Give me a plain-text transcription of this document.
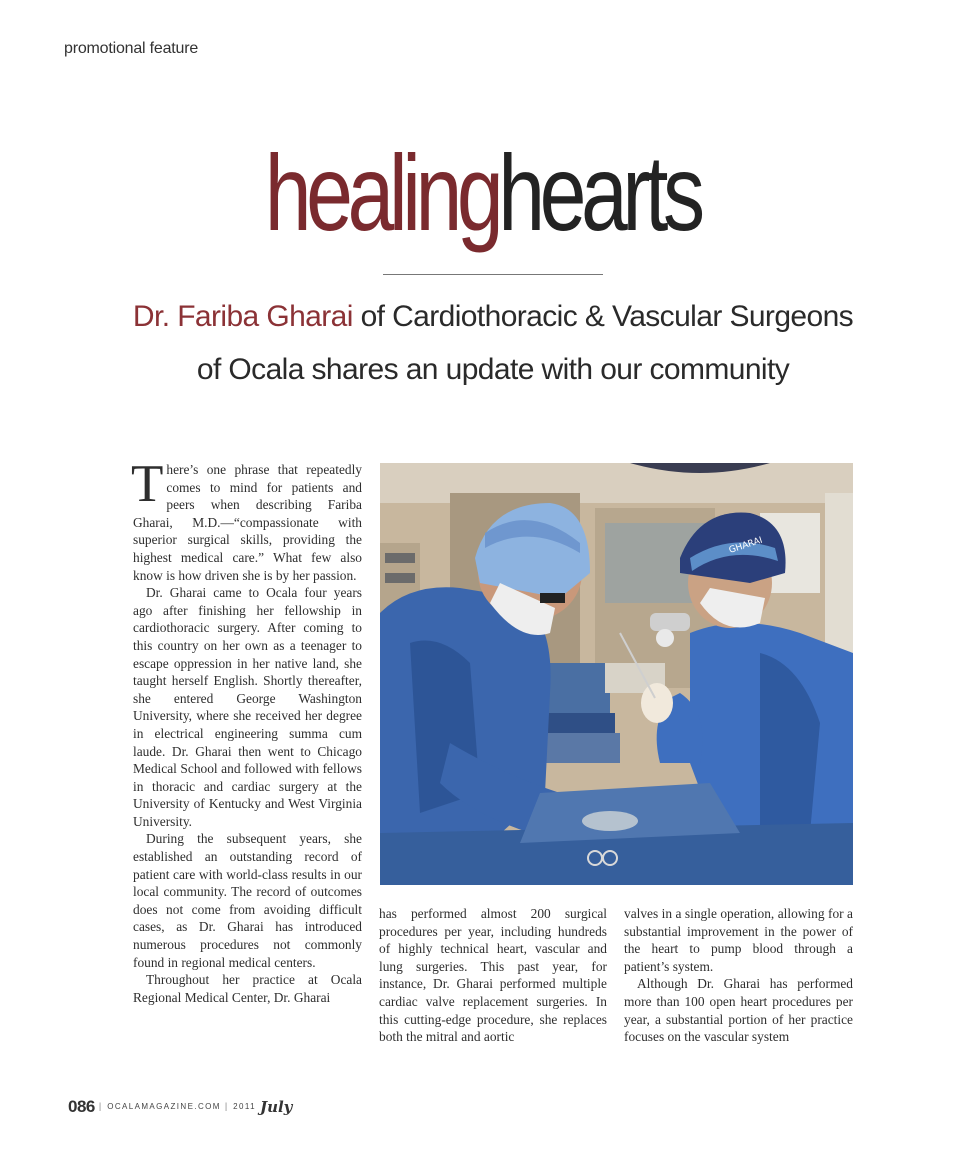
promotional feature
healinghearts
Dr. Fariba Gharai of Cardiothoracic & Vascular Surgeons
of Ocala shares an update with our community

There’s one phrase that repeatedly comes to mind for patients and peers when describing Fariba Gharai, M.D.—“compassionate with superior surgical skills, providing the highest medical care.” What few also know is how driven she is by her passion.

Dr. Gharai came to Ocala four years ago after finishing her fellowship in cardiothoracic surgery. After coming to this country on her own as a teenager to escape oppression in her native land, she taught herself English. Shortly thereafter, she entered George Washington University, where she received her degree in electrical engineering summa cum laude. Dr. Gharai then went to Chicago Medical School and followed with fellows in thoracic and cardiac surgery at the University of Kentucky and West Virginia University.

During the subsequent years, she established an outstanding record of patient care with world-class results in our local community. The record of outcomes does not come from avoiding difficult cases, as Dr. Gharai has introduced numerous procedures not commonly found in regional medical centers.

Throughout her practice at Ocala Regional Medical Center, Dr. Gharai

GHARAI

has performed almost 200 surgical procedures per year, including hundreds of highly technical heart, vascular and lung surgeries. This past year, for instance, Dr. Gharai performed multiple cardiac valve replacement surgeries. In this cutting-edge procedure, she replaces both the mitral and aortic

valves in a single operation, allowing for a substantial improvement in the power of the heart to pump blood through a patient’s system.

Although Dr. Gharai has performed more than 100 open heart procedures per year, a substantial portion of her practice focuses on the vascular system

086 | OCALAMAGAZINE.COM | 2011 July
